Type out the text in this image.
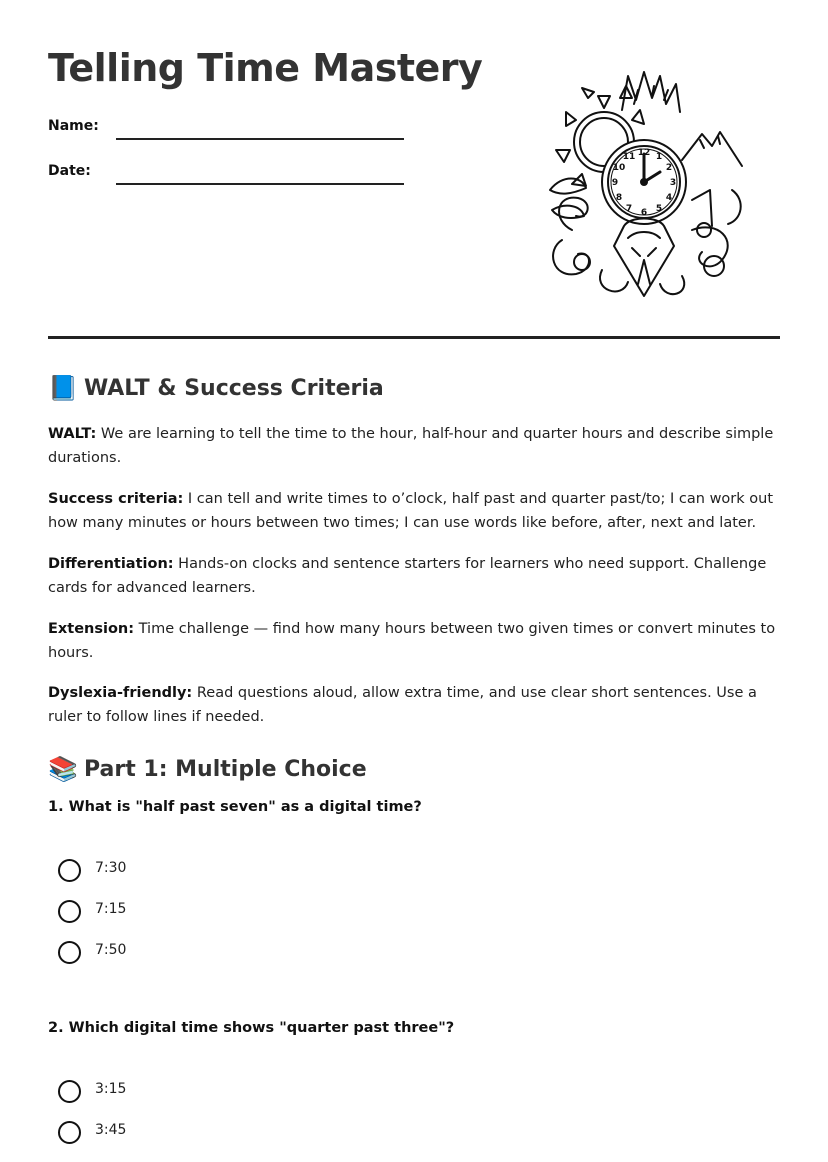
Telling Time Mastery
Name:
Date:
12 1
2
3
4
5
6
7
8
9
10
11
📘 WALT & Success Criteria

WALT: We are learning to tell the time to the hour, half-hour and quarter hours and describe simple durations.

Success criteria: I can tell and write times to o’clock, half past and quarter past/to; I can work out how many minutes or hours between two times; I can use words like before, after, next and later.

Differentiation: Hands-on clocks and sentence starters for learners who need support. Challenge cards for advanced learners.

Extension: Time challenge — find how many hours between two given times or convert minutes to hours.

Dyslexia-friendly: Read questions aloud, allow extra time, and use clear short sentences. Use a ruler to follow lines if needed.

📚 Part 1: Multiple Choice

1. What is "half past seven" as a digital time?

7:30
7:15
7:50

2. Which digital time shows "quarter past three"?

3:15
3:45
